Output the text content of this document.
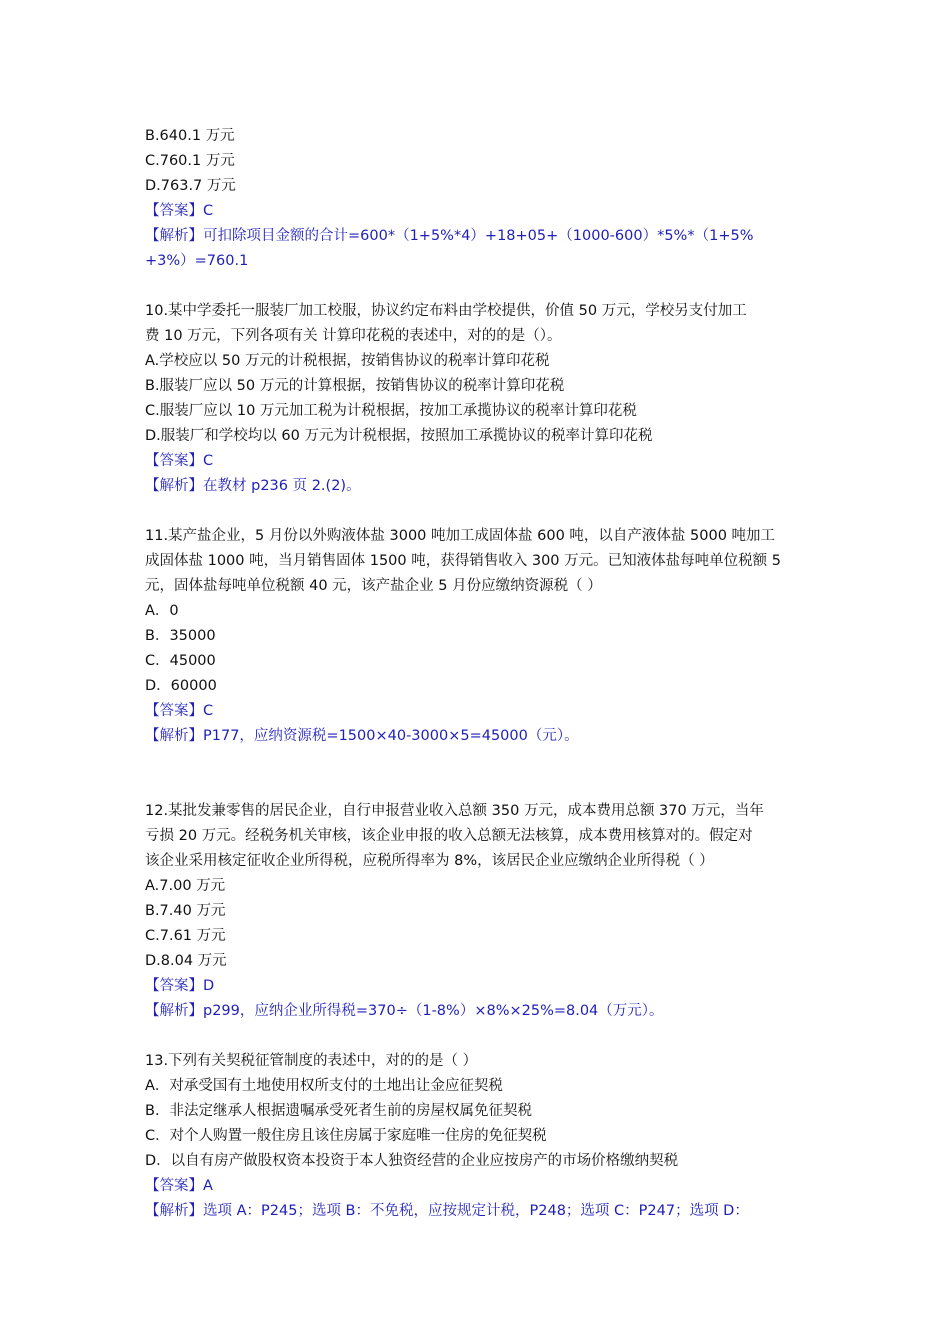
B.640.1 万元
C.760.1 万元
D.763.7 万元
【答案】C
【解析】可扣除项目金额的合计=600*（1+5%*4）+18+05+（1000-600）*5%*（1+5%
+3%）=760.1
10.某中学委托一服装厂加工校服，协议约定布料由学校提供，价值 50 万元，学校另支付加工
费 10 万元，下列各项有关 计算印花税的表述中，对的的是（）。
A.学校应以 50 万元的计税根据，按销售协议的税率计算印花税
B.服装厂应以 50 万元的计算根据，按销售协议的税率计算印花税
C.服装厂应以 10 万元加工税为计税根据，按加工承揽协议的税率计算印花税
D.服装厂和学校均以 60 万元为计税根据，按照加工承揽协议的税率计算印花税
【答案】C
【解析】在教材 p236 页 2.(2)。
11.某产盐企业，5 月份以外购液体盐 3000 吨加工成固体盐 600 吨，以自产液体盐 5000 吨加工
成固体盐 1000 吨，当月销售固体 1500 吨，获得销售收入 300 万元。已知液体盐每吨单位税额 5
元，固体盐每吨单位税额 40 元，该产盐企业 5 月份应缴纳资源税（ ）
A．0
B．35000
C．45000
D．60000
【答案】C
【解析】P177，应纳资源税=1500×40-3000×5=45000（元）。
12.某批发兼零售的居民企业，自行申报营业收入总额 350 万元，成本费用总额 370 万元，当年
亏损 20 万元。经税务机关审核，该企业申报的收入总额无法核算，成本费用核算对的。假定对
该企业采用核定征收企业所得税，应税所得率为 8%，该居民企业应缴纳企业所得税（ ）
A.7.00 万元
B.7.40 万元
C.7.61 万元
D.8.04 万元
【答案】D
【解析】p299，应纳企业所得税=370÷（1-8%）×8%×25%=8.04（万元）。
13.下列有关契税征管制度的表述中，对的的是（ ）
A．对承受国有土地使用权所支付的土地出让金应征契税
B．非法定继承人根据遗嘱承受死者生前的房屋权属免征契税
C．对个人购置一般住房且该住房属于家庭唯一住房的免征契税
D．以自有房产做股权资本投资于本人独资经营的企业应按房产的市场价格缴纳契税
【答案】A
【解析】选项 A：P245；选项 B：不免税，应按规定计税，P248；选项 C：P247；选项 D：
